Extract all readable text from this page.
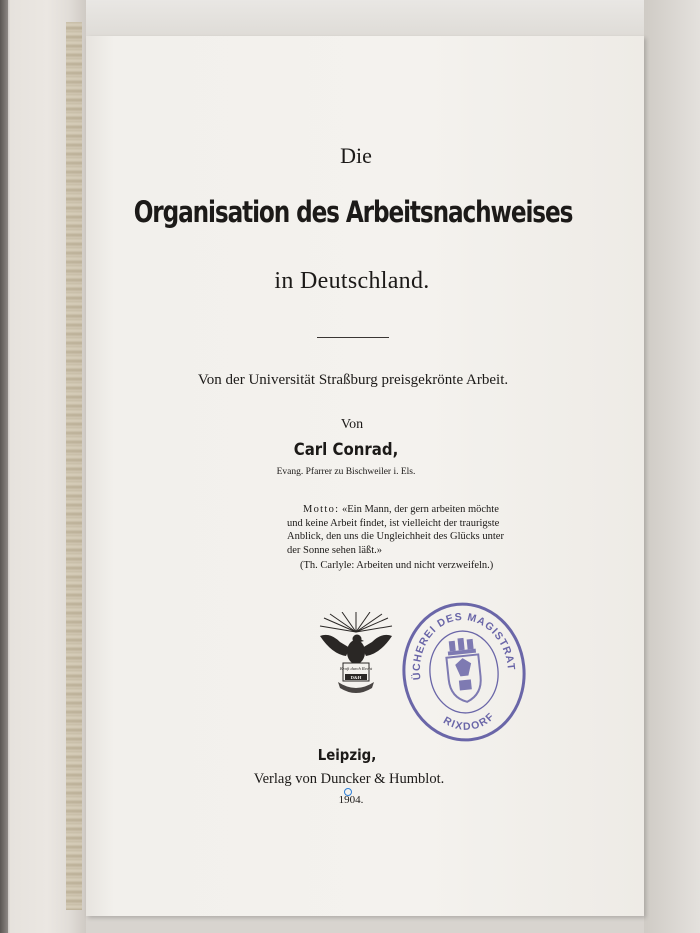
Die
Organisation des Arbeitsnachweises
in Deutschland.
Von der Universität Straßburg preisgekrönte Arbeit.
Von
Carl Conrad,
Evang. Pfarrer zu Bischweiler i. Els.
Motto: «Ein Mann, der gern arbeiten möchte
und keine Arbeit findet, ist vielleicht der traurigste
Anblick, den uns die Ungleichheit des Glücks unter
der Sonne sehen läßt.»
(Th. Carlyle: Arbeiten und nicht verzweifeln.)
Kraft durch Recht
D&H
BÜCHEREI DES MAGISTRATS
RIXDORF
Leipzig,
Verlag von Duncker & Humblot.
1904.
